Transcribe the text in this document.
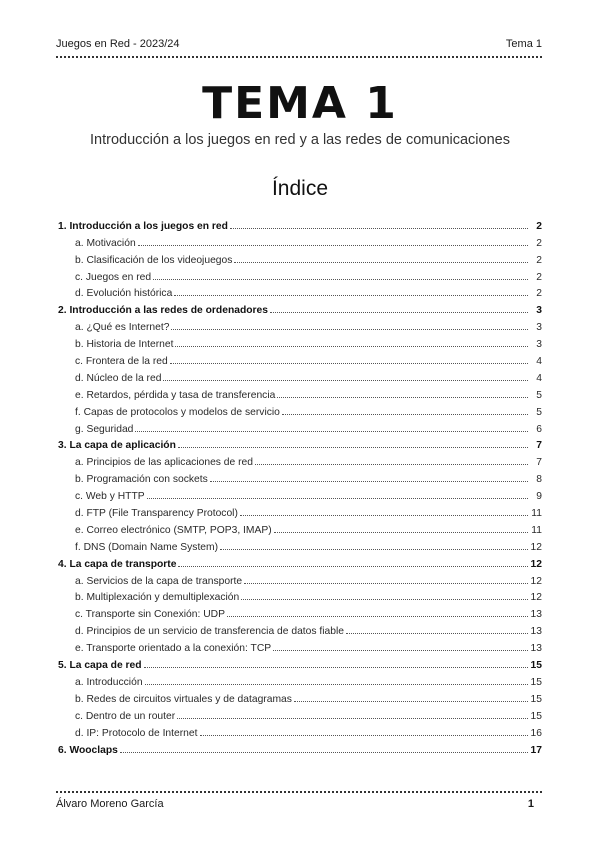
Juegos en Red - 2023/24	Tema 1
TEMA 1
Introducción a los juegos en red y a las redes de comunicaciones
Índice
1. Introducción a los juegos en red	2
a. Motivación	2
b. Clasificación de los videojuegos	2
c. Juegos en red	2
d. Evolución histórica	2
2. Introducción a las redes de ordenadores	3
a. ¿Qué es Internet?	3
b. Historia de Internet	3
c. Frontera de la red	4
d. Núcleo de la red	4
e. Retardos, pérdida y tasa de transferencia	5
f. Capas de protocolos y modelos de servicio	5
g. Seguridad	6
3. La capa de aplicación	7
a. Principios de las aplicaciones de red	7
b. Programación con sockets	8
c. Web y HTTP	9
d. FTP (File Transparency Protocol)	11
e. Correo electrónico (SMTP, POP3, IMAP)	11
f. DNS (Domain Name System)	12
4. La capa de transporte	12
a. Servicios de la capa de transporte	12
b. Multiplexación y demultiplexación	12
c. Transporte sin Conexión: UDP	13
d. Principios de un servicio de transferencia de datos fiable	13
e. Transporte orientado a la conexión: TCP	13
5. La capa de red	15
a. Introducción	15
b. Redes de circuitos virtuales y de datagramas	15
c. Dentro de un router	15
d. IP: Protocolo de Internet	16
6. Wooclaps	17
Álvaro Moreno García	1
